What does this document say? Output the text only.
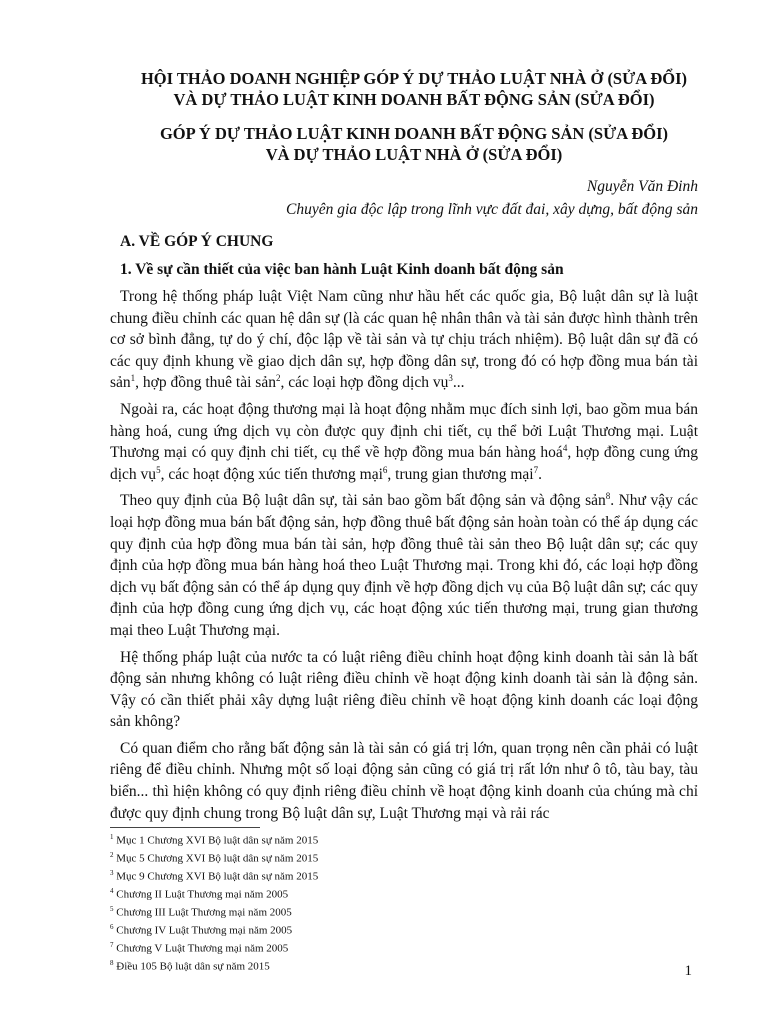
HỘI THẢO DOANH NGHIỆP GÓP Ý DỰ THẢO LUẬT NHÀ Ở (SỬA ĐỔI)
VÀ DỰ THẢO LUẬT KINH DOANH BẤT ĐỘNG SẢN (SỬA ĐỔI)
GÓP Ý DỰ THẢO LUẬT KINH DOANH BẤT ĐỘNG SẢN (SỬA ĐỔI)
VÀ DỰ THẢO LUẬT NHÀ Ở (SỬA ĐỔI)
Nguyễn Văn Đinh
Chuyên gia độc lập trong lĩnh vực đất đai, xây dựng, bất động sản
A. VỀ GÓP Ý CHUNG
1. Về sự cần thiết của việc ban hành Luật Kinh doanh bất động sản

Trong hệ thống pháp luật Việt Nam cũng như hầu hết các quốc gia, Bộ luật dân sự là luật chung điều chỉnh các quan hệ dân sự (là các quan hệ nhân thân và tài sản được hình thành trên cơ sở bình đẳng, tự do ý chí, độc lập về tài sản và tự chịu trách nhiệm). Bộ luật dân sự đã có các quy định khung về giao dịch dân sự, hợp đồng dân sự, trong đó có hợp đồng mua bán tài sản$^1$, hợp đồng thuê tài sản$^2$, các loại hợp đồng dịch vụ$^3$...

Ngoài ra, các hoạt động thương mại là hoạt động nhằm mục đích sinh lợi, bao gồm mua bán hàng hoá, cung ứng dịch vụ còn được quy định chi tiết, cụ thể bởi Luật Thương mại. Luật Thương mại có quy định chi tiết, cụ thể về hợp đồng mua bán hàng hoá$^4$, hợp đồng cung ứng dịch vụ$^5$, các hoạt động xúc tiến thương mại$^6$, trung gian thương mại$^7$.

Theo quy định của Bộ luật dân sự, tài sản bao gồm bất động sản và động sản$^8$. Như vậy các loại hợp đồng mua bán bất động sản, hợp đồng thuê bất động sản hoàn toàn có thể áp dụng các quy định của hợp đồng mua bán tài sản, hợp đồng thuê tài sản theo Bộ luật dân sự; các quy định của hợp đồng mua bán hàng hoá theo Luật Thương mại. Trong khi đó, các loại hợp đồng dịch vụ bất động sản có thể áp dụng quy định về hợp đồng dịch vụ của Bộ luật dân sự; các quy định của hợp đồng cung ứng dịch vụ, các hoạt động xúc tiến thương mại, trung gian thương mại theo Luật Thương mại.

Hệ thống pháp luật của nước ta có luật riêng điều chỉnh hoạt động kinh doanh tài sản là bất động sản nhưng không có luật riêng điều chỉnh về hoạt động kinh doanh tài sản là động sản. Vậy có cần thiết phải xây dựng luật riêng điều chỉnh về hoạt động kinh doanh các loại động sản không?

Có quan điểm cho rằng bất động sản là tài sản có giá trị lớn, quan trọng nên cần phải có luật riêng để điều chỉnh. Nhưng một số loại động sản cũng có giá trị rất lớn như ô tô, tàu bay, tàu biển... thì hiện không có quy định riêng điều chỉnh về hoạt động kinh doanh của chúng mà chỉ được quy định chung trong Bộ luật dân sự, Luật Thương mại và rải rác

$^1$ Mục 1 Chương XVI Bộ luật dân sự năm 2015
$^2$ Mục 5 Chương XVI Bộ luật dân sự năm 2015
$^3$ Mục 9 Chương XVI Bộ luật dân sự năm 2015
$^4$ Chương II Luật Thương mại năm 2005
$^5$ Chương III Luật Thương mại năm 2005
$^6$ Chương IV Luật Thương mại năm 2005
$^7$ Chương V Luật Thương mại năm 2005
$^8$ Điều 105 Bộ luật dân sự năm 2015	1
